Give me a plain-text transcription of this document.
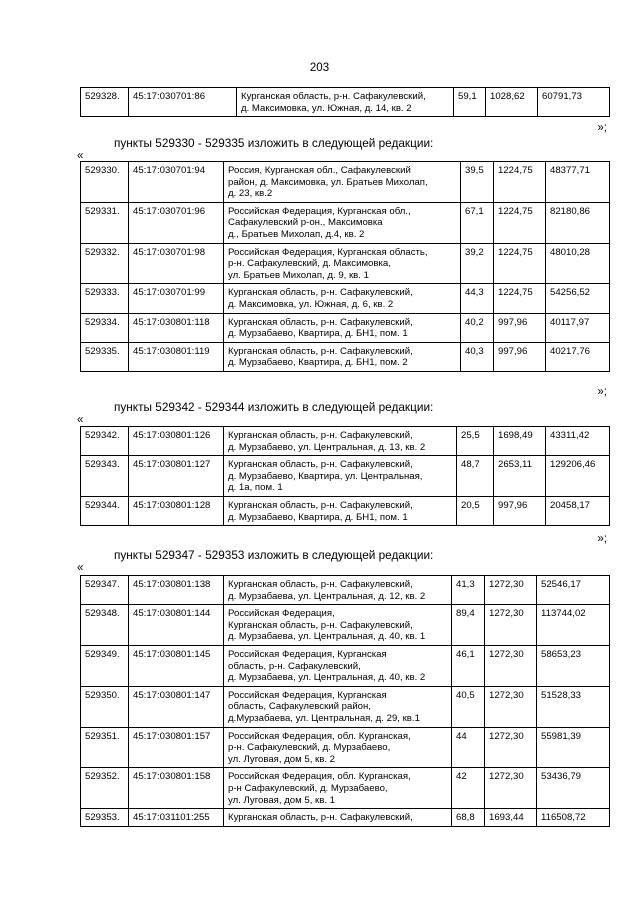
203
529328.	45:17:030701:86	Курганская область, р-н. Сафакулевский,
д. Максимовка, ул. Южная, д. 14, кв. 2
	59,1	1028,62	60791,73
»;
пункты 529330 - 529335 изложить в следующей редакции:
«
529330.	45:17:030701:94	Россия, Курганская обл., Сафакулевский
район, д. Максимовка, ул. Братьев Михолап,
д. 23, кв.2	39,5	1224,75	48377,71
529331.	45:17:030701:96	Российская Федерация, Курганская обл.,
Сафакулевский р-он., Максимовка
д., Братьев Михолап, д.4, кв. 2	67,1	1224,75	82180,86
529332.	45:17:030701:98	Российская Федерация, Курганская область,
р-н. Сафакулевский, д. Максимовка,
ул. Братьев Михолап, д. 9, кв. 1	39,2	1224,75	48010,28
529333.	45:17:030701:99	Курганская область, р-н. Сафакулевский,
д. Максимовка, ул. Южная, д. 6, кв. 2	44,3	1224,75	54256,52
529334.	45:17:030801:118	Курганская область, р-н. Сафакулевский,
д. Мурзабаево, Квартира, д. БН1, пом. 1	40,2	997,96	40117,97
529335.	45:17:030801:119	Курганская область, р-н. Сафакулевский,
д. Мурзабаево, Квартира, д. БН1, пом. 2	40,3	997,96	40217,76
»;
пункты 529342 - 529344 изложить в следующей редакции:
«
529342.	45:17:030801:126	Курганская область, р-н. Сафакулевский,
д. Мурзабаево, ул. Центральная, д. 13, кв. 2	25,5	1698,49	43311,42
529343.	45:17:030801:127	Курганская область, р-н. Сафакулевский,
д. Мурзабаево, Квартира, ул. Центральная,
д. 1а, пом. 1	48,7	2653,11	129206,46
529344.	45:17:030801:128	Курганская область, р-н. Сафакулевский,
д. Мурзабаево, Квартира, д. БН1, пом. 1	20,5	997,96	20458,17
»;
пункты 529347 - 529353 изложить в следующей редакции:
«
529347.	45:17:030801:138	Курганская область, р-н. Сафакулевский,
д. Мурзабаева, ул. Центральная, д. 12, кв. 2	41,3	1272,30	52546,17
529348.	45:17:030801:144	Российская Федерация,
Курганская область, р-н. Сафакулевский,
д. Мурзабаева, ул. Центральная, д. 40, кв. 1	89,4	1272,30	113744,02
529349.	45:17:030801:145	Российская Федерация, Курганская
область, р-н. Сафакулевский,
д. Мурзабаева, ул. Центральная, д. 40, кв. 2	46,1	1272,30	58653,23
529350.	45:17:030801:147	Российская Федерация, Курганская
область, Сафакулевский район,
д.Мурзабаева, ул. Центральная, д. 29, кв.1	40,5	1272,30	51528,33
529351.	45:17:030801:157	Российская Федерация, обл. Курганская,
р-н. Сафакулевский, д. Мурзабаево,
ул. Луговая, дом 5, кв. 2	44	1272,30	55981,39
529352.	45:17:030801:158	Российская Федерация, обл. Курганская,
р-н Сафакулевский, д. Мурзабаево,
ул. Луговая, дом 5, кв. 1	42	1272,30	53436,79
529353.	45:17:031101:255	Курганская область, р-н. Сафакулевский,	68,8	1693,44	116508,72
